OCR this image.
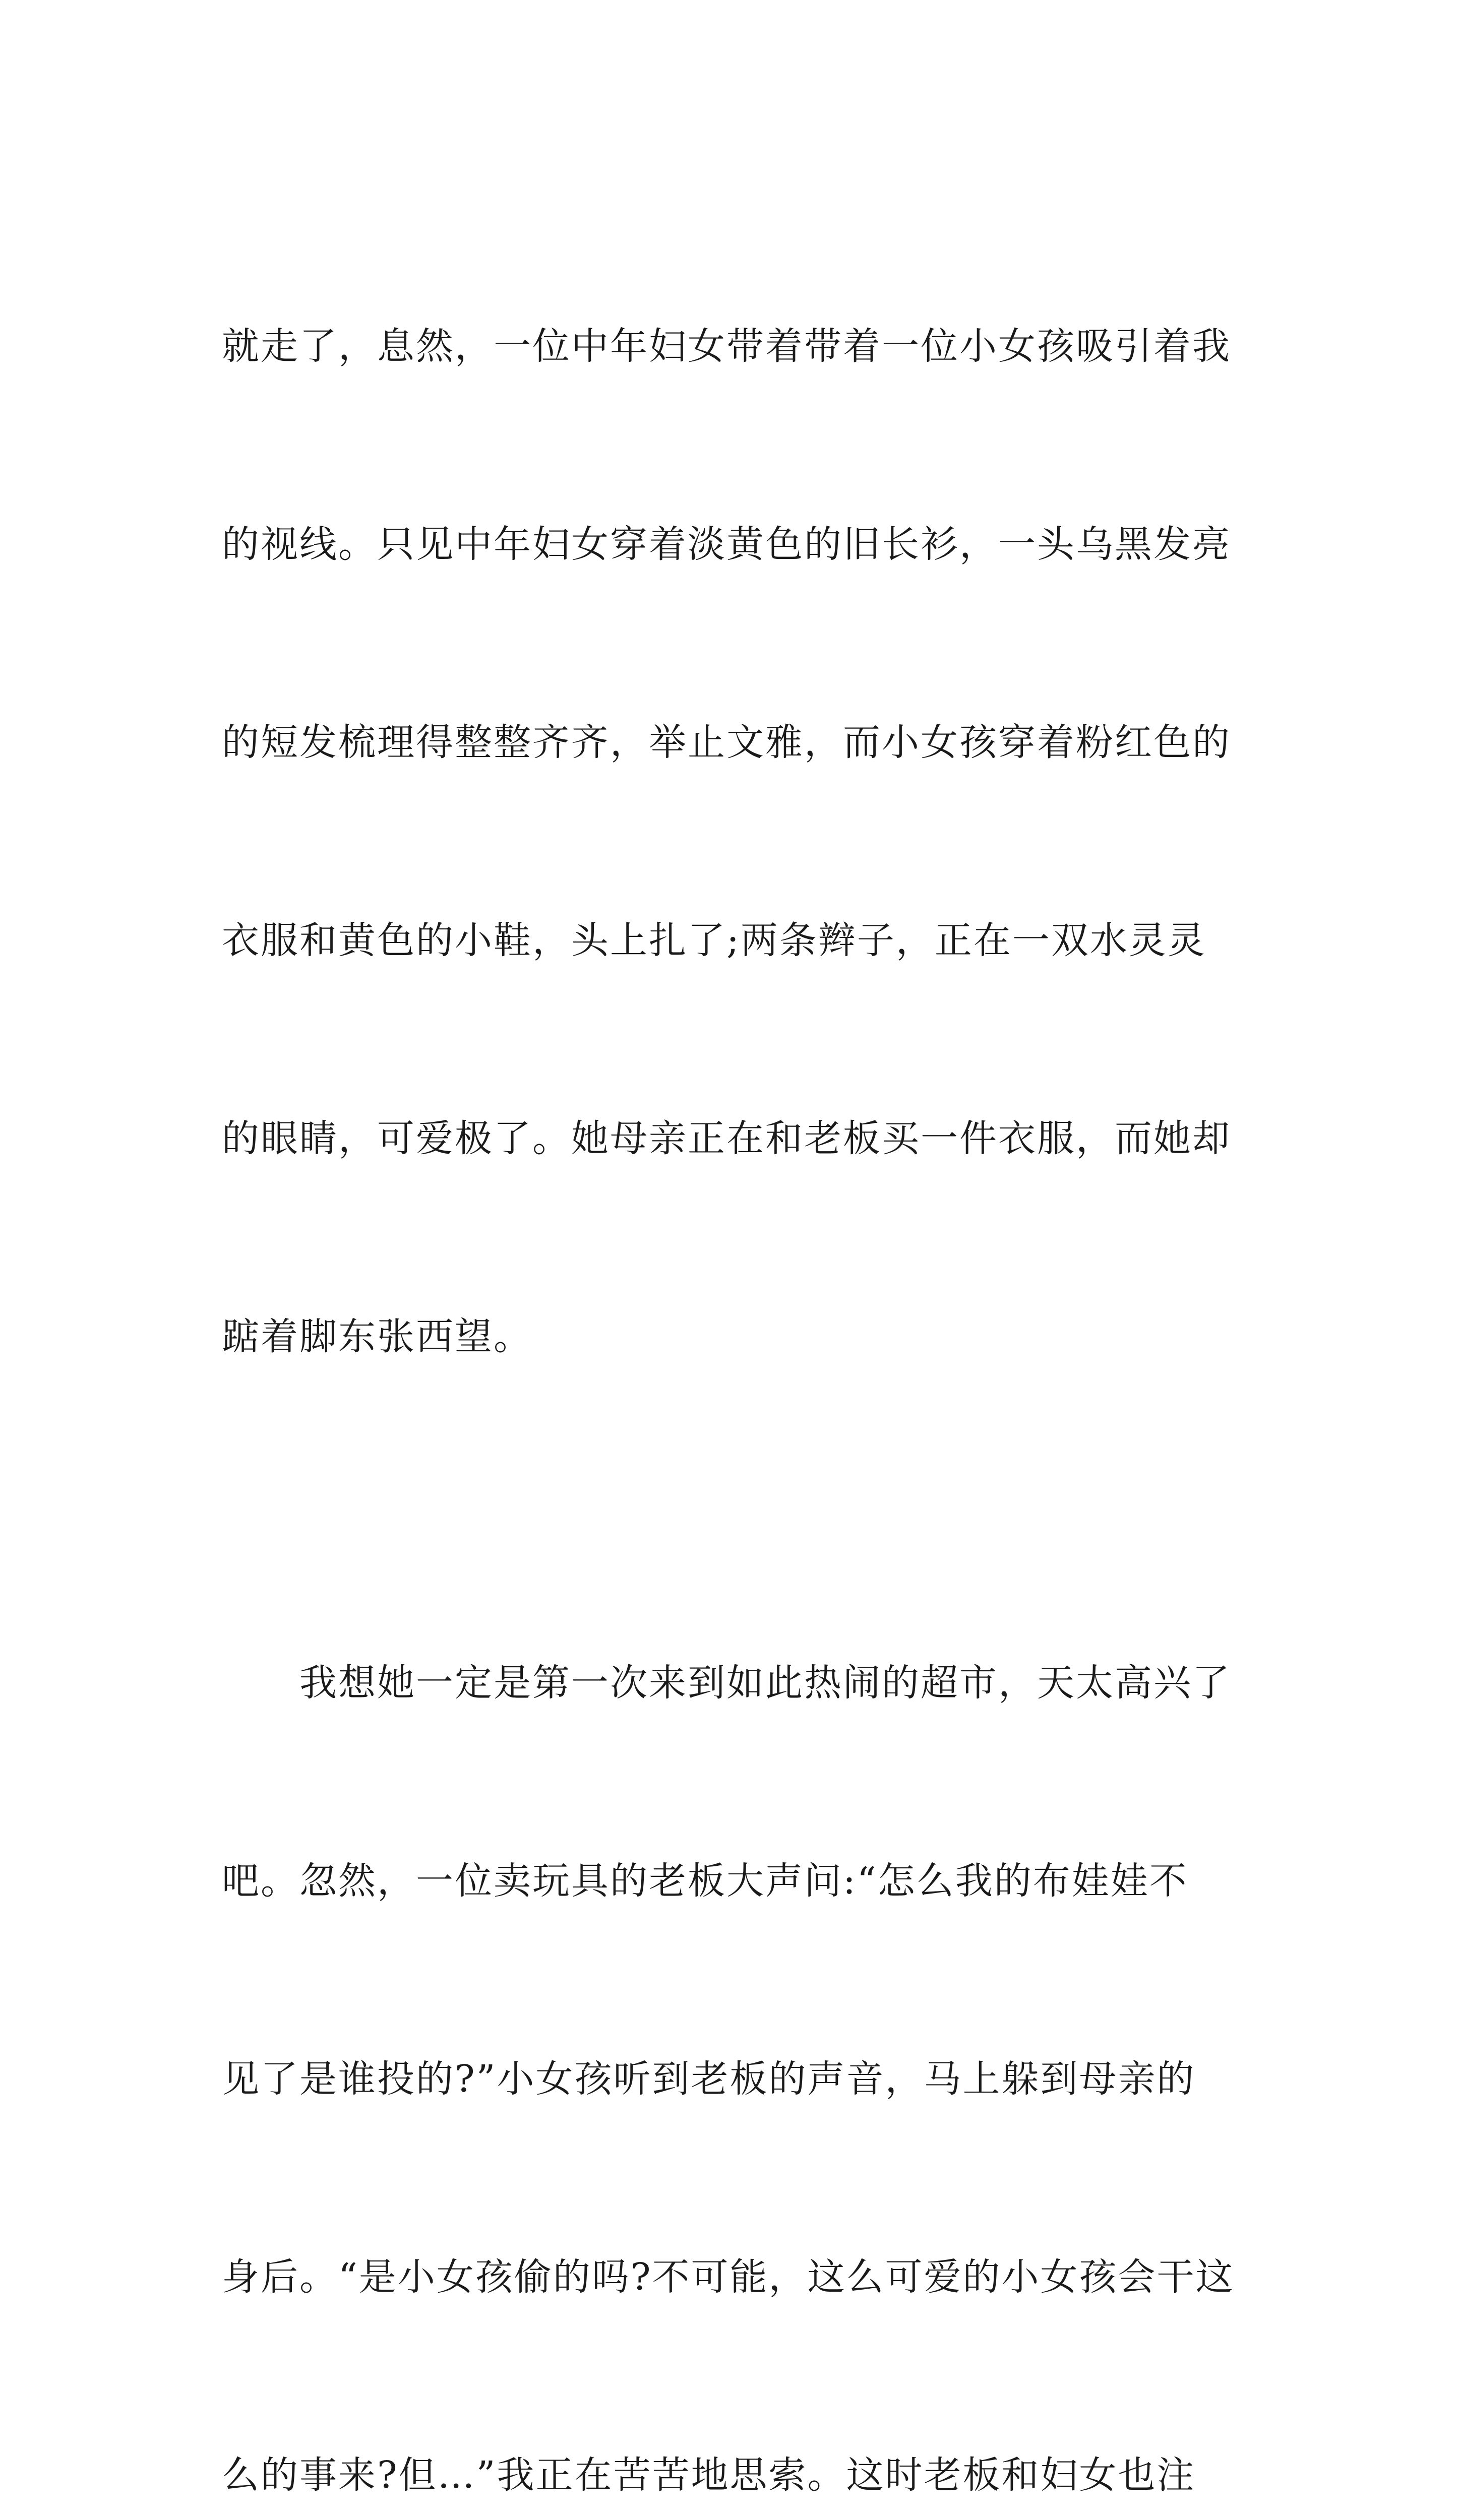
就走了，息然，一位中年妇女带着带着一位小女孩吸引着我

的视线。只见中年妇女穿着淡黄色的旧长衫，一头乌黑发亮

的短发梳理得整整齐齐，举止文雅，而小女孩穿着粉红色的

衣服和黄色的小鞋，头上扎了;两条辫子，正在一双水灵灵

的眼睛，可爱极了。她母亲正在和老板买一件衣服，而她却

踮着脚东张西望。

　　我想她一定是第一次来到如此热闹的超市，天太高兴了

吧。忽然，一位卖玩具的老板大声问:“怎么我的布娃娃不

见了是谁投的?”小女孩听到老板的声音，马上躲到母亲的

身后。“是小女孩偷的吗?不可能，这么可爱的小女孩会干这

么的事来?但…”我正在苦苦地思索。这时老板和妇女也注
